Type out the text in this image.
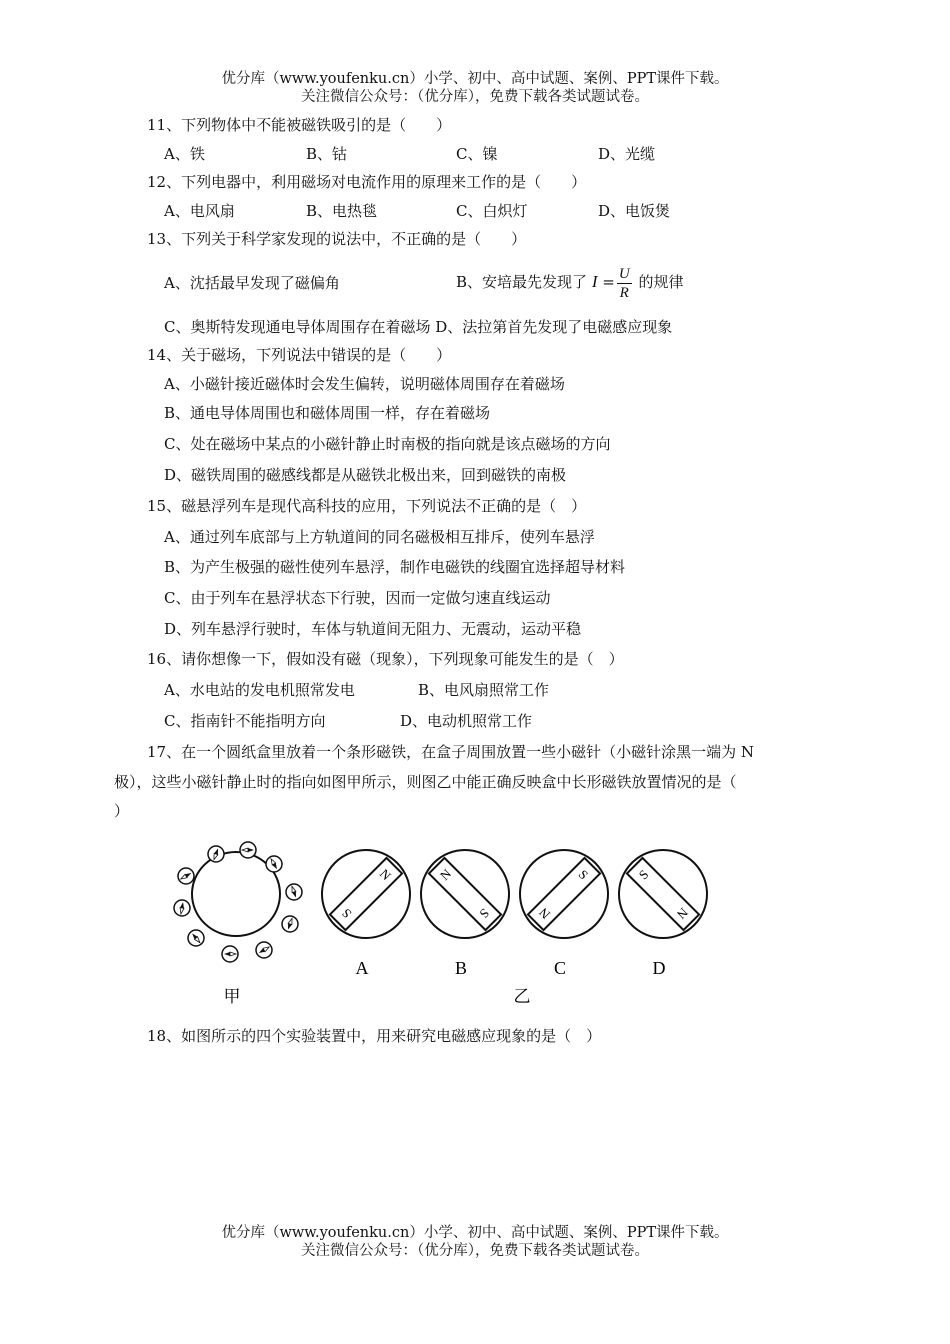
优分库（www.youfenku.cn）小学、初中、高中试题、案例、PPT课件下载。
关注微信公众号：（优分库），免费下载各类试题试卷。
11、下列物体中不能被磁铁吸引的是（　　）
A、铁	B、钴	C、镍	D、光缆
12、下列电器中，利用磁场对电流作用的原理来工作的是（　　）
A、电风扇	B、电热毯	C、白炽灯	D、电饭煲
13、下列关于科学家发现的说法中，不正确的是（　　）
A、沈括最早发现了磁偏角	B、安培最先发现了 $I = \frac{U}{R}$ 的规律
C、奥斯特发现通电导体周围存在着磁场 D、法拉第首先发现了电磁感应现象
14、关于磁场，下列说法中错误的是（　　）
A、小磁针接近磁体时会发生偏转，说明磁体周围存在着磁场
B、通电导体周围也和磁体周围一样，存在着磁场
C、处在磁场中某点的小磁针静止时南极的指向就是该点磁场的方向
D、磁铁周围的磁感线都是从磁铁北极出来，回到磁铁的南极
15、磁悬浮列车是现代高科技的应用，下列说法不正确的是（　）
A、通过列车底部与上方轨道间的同名磁极相互排斥，使列车悬浮
B、为产生极强的磁性使列车悬浮，制作电磁铁的线圈宜选择超导材料
C、由于列车在悬浮状态下行驶，因而一定做匀速直线运动
D、列车悬浮行驶时，车体与轨道间无阻力、无震动，运动平稳
16、请你想像一下，假如没有磁（现象），下列现象可能发生的是（　）
A、水电站的发电机照常发电	B、电风扇照常工作
C、指南针不能指明方向	D、电动机照常工作
17、在一个圆纸盒里放着一个条形磁铁，在盒子周围放置一些小磁针（小磁针涂黑一端为 N
极），这些小磁针静止时的指向如图甲所示，则图乙中能正确反映盒中长形磁铁放置情况的是（
）
甲
N
S
A
N
S
B
S
N
C
S
N
D
乙
18、如图所示的四个实验装置中，用来研究电磁感应现象的是（　）
优分库（www.youfenku.cn）小学、初中、高中试题、案例、PPT课件下载。
关注微信公众号：（优分库），免费下载各类试题试卷。
